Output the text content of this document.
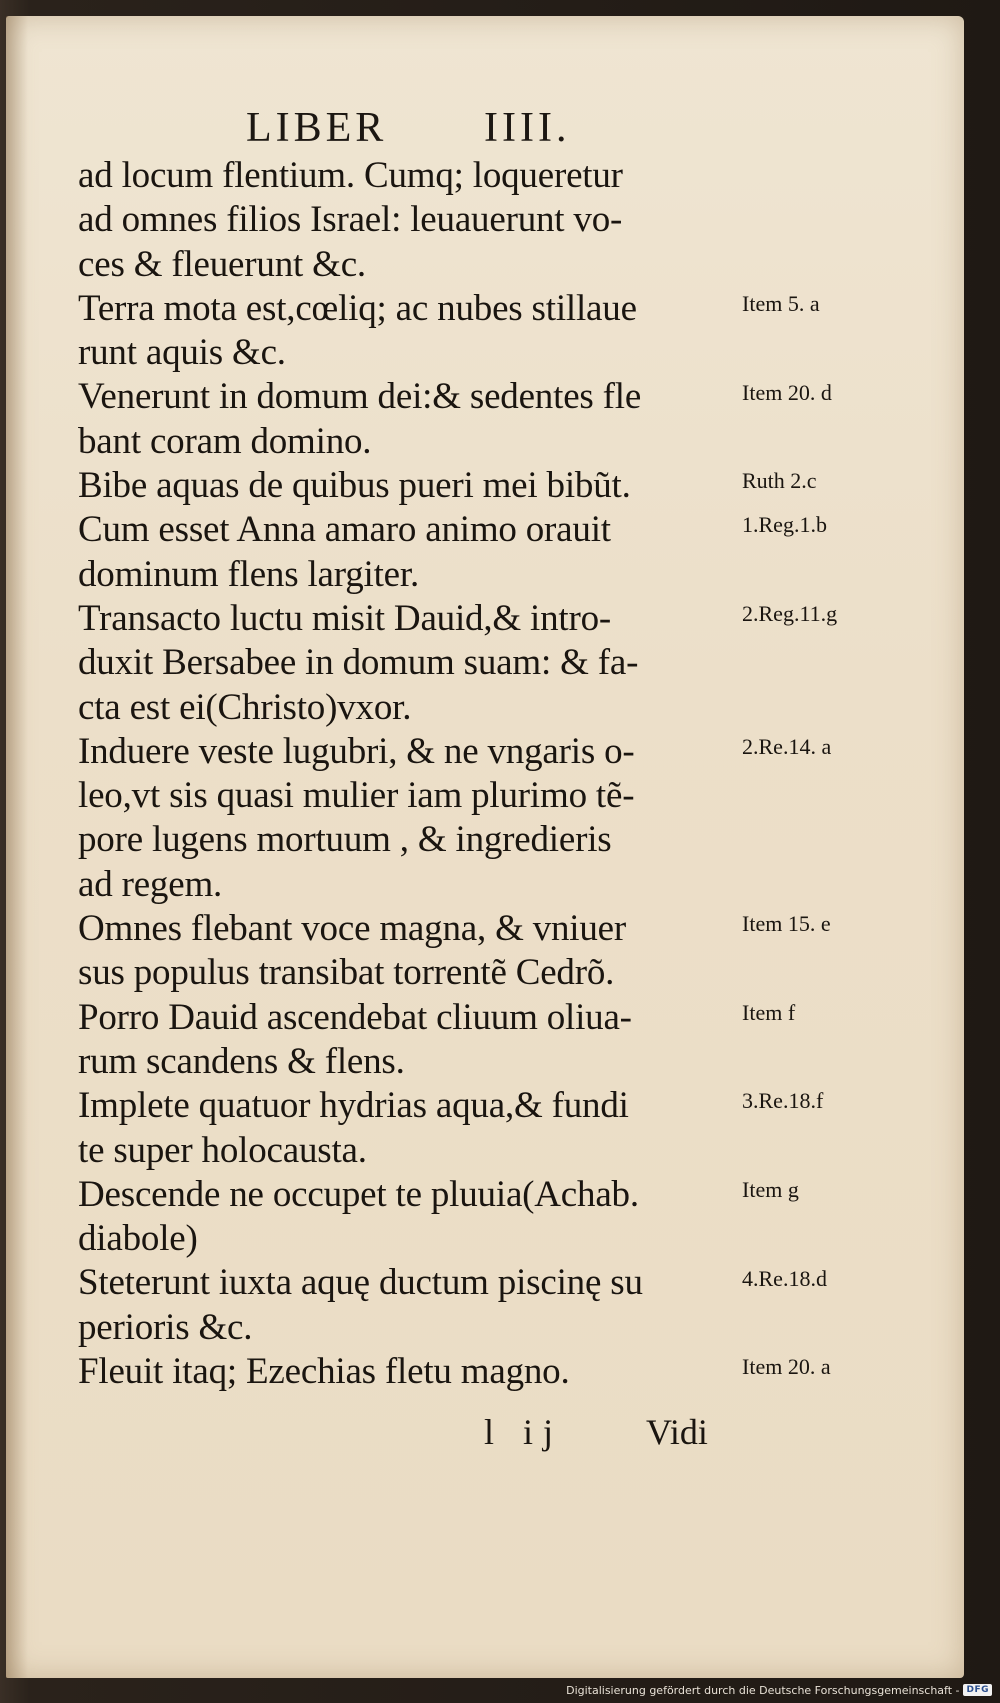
LIBER IIII.
ad locum flentium. Cumq; loqueretur
ad omnes filios Israel: leuauerunt vo-
ces & fleuerunt &c.
Terra mota est,cœliq; ac nubes stillaue
runt aquis &c.
Venerunt in domum dei:& sedentes fle
bant coram domino.
Bibe aquas de quibus pueri mei bibũt.
Cum esset Anna amaro animo orauit
dominum flens largiter.
Transacto luctu misit Dauid,& intro-
duxit Bersabee in domum suam: & fa-
cta est ei(Christo)vxor.
Induere veste lugubri, & ne vngaris o-
leo,vt sis quasi mulier iam plurimo tẽ-
pore lugens mortuum , & ingredieris
ad regem.
Omnes flebant voce magna, & vniuer
sus populus transibat torrentẽ Cedrõ.
Porro Dauid ascendebat cliuum oliua-
rum scandens & flens.
Implete quatuor hydrias aqua,& fundi
te super holocausta.
Descende ne occupet te pluuia(Achab.
diabole)
Steterunt iuxta aquę ductum piscinę su
perioris &c.
Fleuit itaq; Ezechias fletu magno.
Item 5. a
Item 20. d
Ruth 2.c
1.Reg.1.b
2.Reg.11.g
2.Re.14. a
Item 15. e
Item f
3.Re.18.f
Item g
4.Re.18.d
Item 20. a
l ij Vidi
Digitalisierung gefördert durch die Deutsche Forschungsgemeinschaft - DFG
